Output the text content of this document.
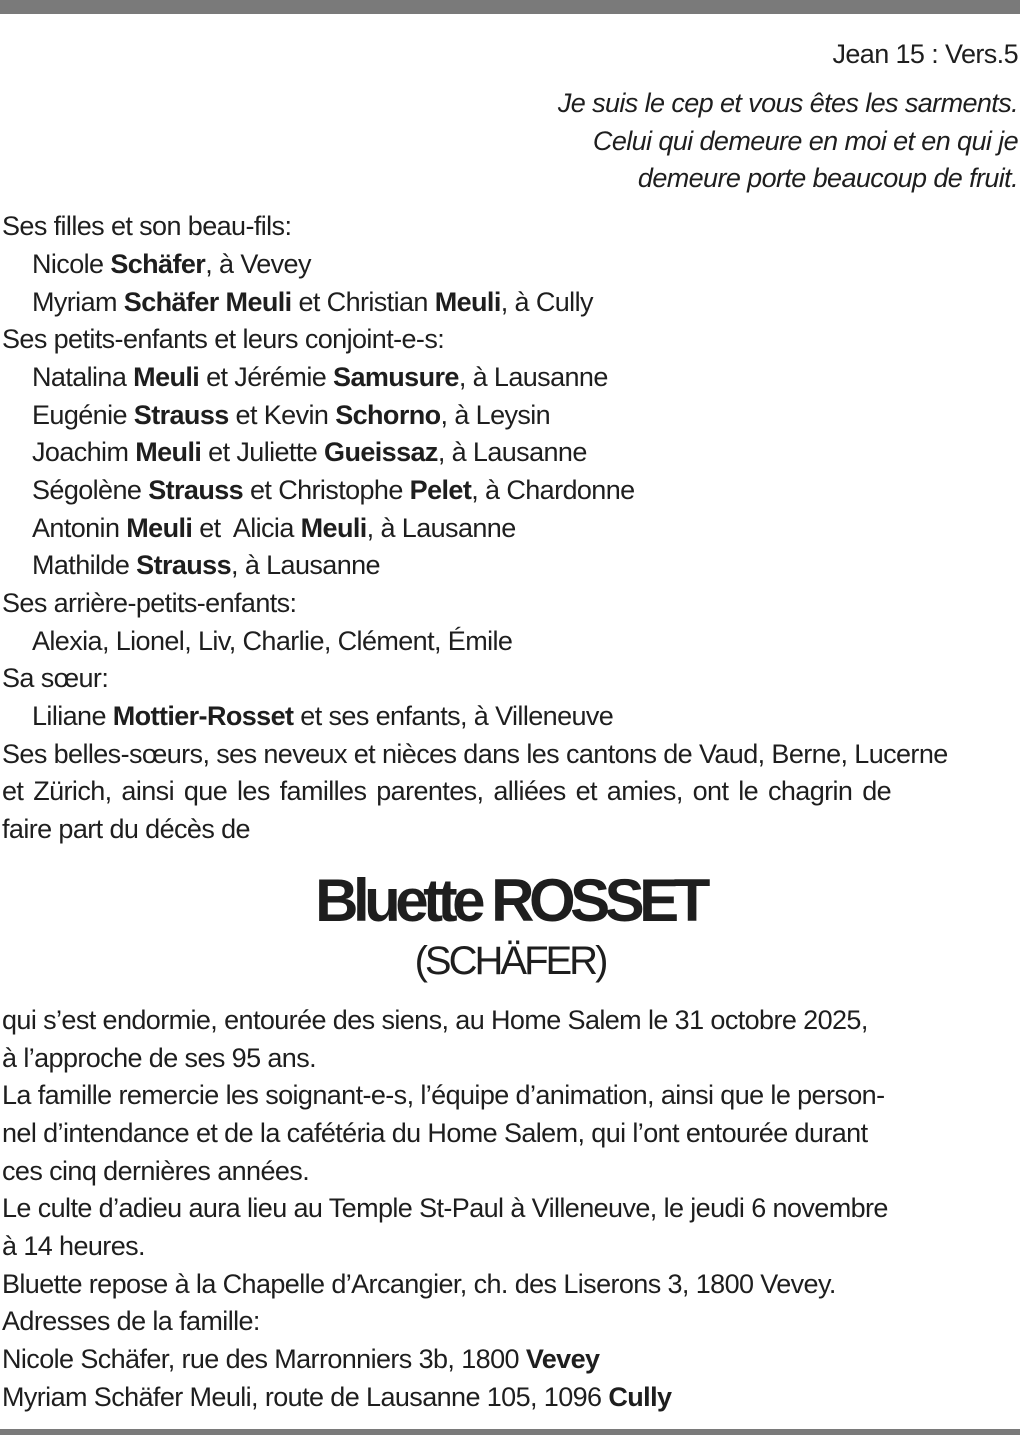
Jean 15 : Vers.5
Je suis le cep et vous êtes les sarments.
Celui qui demeure en moi et en qui je
demeure porte beaucoup de fruit.
Ses filles et son beau-fils:
Nicole Schäfer, à Vevey
Myriam Schäfer Meuli et Christian Meuli, à Cully
Ses petits-enfants et leurs conjoint-e-s:
Natalina Meuli et Jérémie Samusure, à Lausanne
Eugénie Strauss et Kevin Schorno, à Leysin
Joachim Meuli et Juliette Gueissaz, à Lausanne
Ségolène Strauss et Christophe Pelet, à Chardonne
Antonin Meuli et  Alicia Meuli, à Lausanne
Mathilde Strauss, à Lausanne
Ses arrière-petits-enfants:
Alexia, Lionel, Liv, Charlie, Clément, Émile
Sa sœur:
Liliane Mottier-Rosset et ses enfants, à Villeneuve
Ses belles-sœurs, ses neveux et nièces dans les cantons de Vaud, Berne, Lucerne
et Zürich, ainsi que les familles parentes, alliées et amies, ont le chagrin de
faire part du décès de
Bluette ROSSET
(SCHÄFER)
qui s’est endormie, entourée des siens, au Home Salem le 31 octobre 2025,
à l’approche de ses 95 ans.
La famille remercie les soignant-e-s, l’équipe d’animation, ainsi que le person-
nel d’intendance et de la cafétéria du Home Salem, qui l’ont entourée durant
ces cinq dernières années.
Le culte d’adieu aura lieu au Temple St-Paul à Villeneuve, le jeudi 6 novembre
à 14 heures.
Bluette repose à la Chapelle d’Arcangier, ch. des Liserons 3, 1800 Vevey.
Adresses de la famille:
Nicole Schäfer, rue des Marronniers 3b, 1800 Vevey
Myriam Schäfer Meuli, route de Lausanne 105, 1096 Cully
